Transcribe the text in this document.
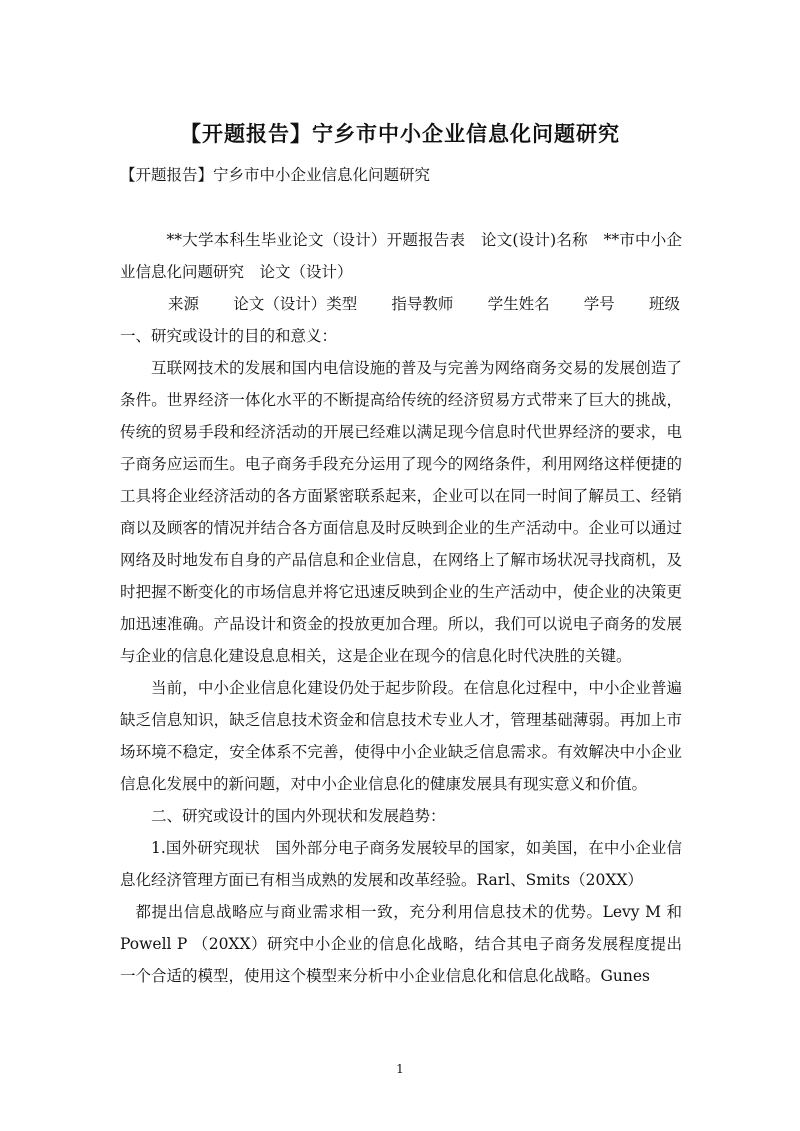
【开题报告】宁乡市中小企业信息化问题研究
【开题报告】宁乡市中小企业信息化问题研究

**大学本科生毕业论文（设计）开题报告表　论文(设计)名称　**市中小企业信息化问题研究　论文（设计）

来源 论文（设计）类型 指导教师 学生姓名 学号 班级

一、研究或设计的目的和意义：

互联网技术的发展和国内电信设施的普及与完善为网络商务交易的发展创造了条件。世界经济一体化水平的不断提高给传统的经济贸易方式带来了巨大的挑战，传统的贸易手段和经济活动的开展已经难以满足现今信息时代世界经济的要求，电子商务应运而生。电子商务手段充分运用了现今的网络条件，利用网络这样便捷的工具将企业经济活动的各方面紧密联系起来，企业可以在同一时间了解员工、经销商以及顾客的情况并结合各方面信息及时反映到企业的生产活动中。企业可以通过网络及时地发布自身的产品信息和企业信息，在网络上了解市场状况寻找商机，及时把握不断变化的市场信息并将它迅速反映到企业的生产活动中，使企业的决策更加迅速准确。产品设计和资金的投放更加合理。所以，我们可以说电子商务的发展与企业的信息化建设息息相关，这是企业在现今的信息化时代决胜的关键。

当前，中小企业信息化建设仍处于起步阶段。在信息化过程中，中小企业普遍缺乏信息知识，缺乏信息技术资金和信息技术专业人才，管理基础薄弱。再加上市场环境不稳定，安全体系不完善，使得中小企业缺乏信息需求。有效解决中小企业信息化发展中的新问题，对中小企业信息化的健康发展具有现实意义和价值。

二、研究或设计的国内外现状和发展趋势：

1.国外研究现状　国外部分电子商务发展较早的国家，如美国，在中小企业信息化经济管理方面已有相当成熟的发展和改革经验。Rarl、Smits（20XX）

都提出信息战略应与商业需求相一致，充分利用信息技术的优势。Levy M 和 Powell P （20XX）研究中小企业的信息化战略，结合其电子商务发展程度提出一个合适的模型，使用这个模型来分析中小企业信息化和信息化战略。Gunes

1
